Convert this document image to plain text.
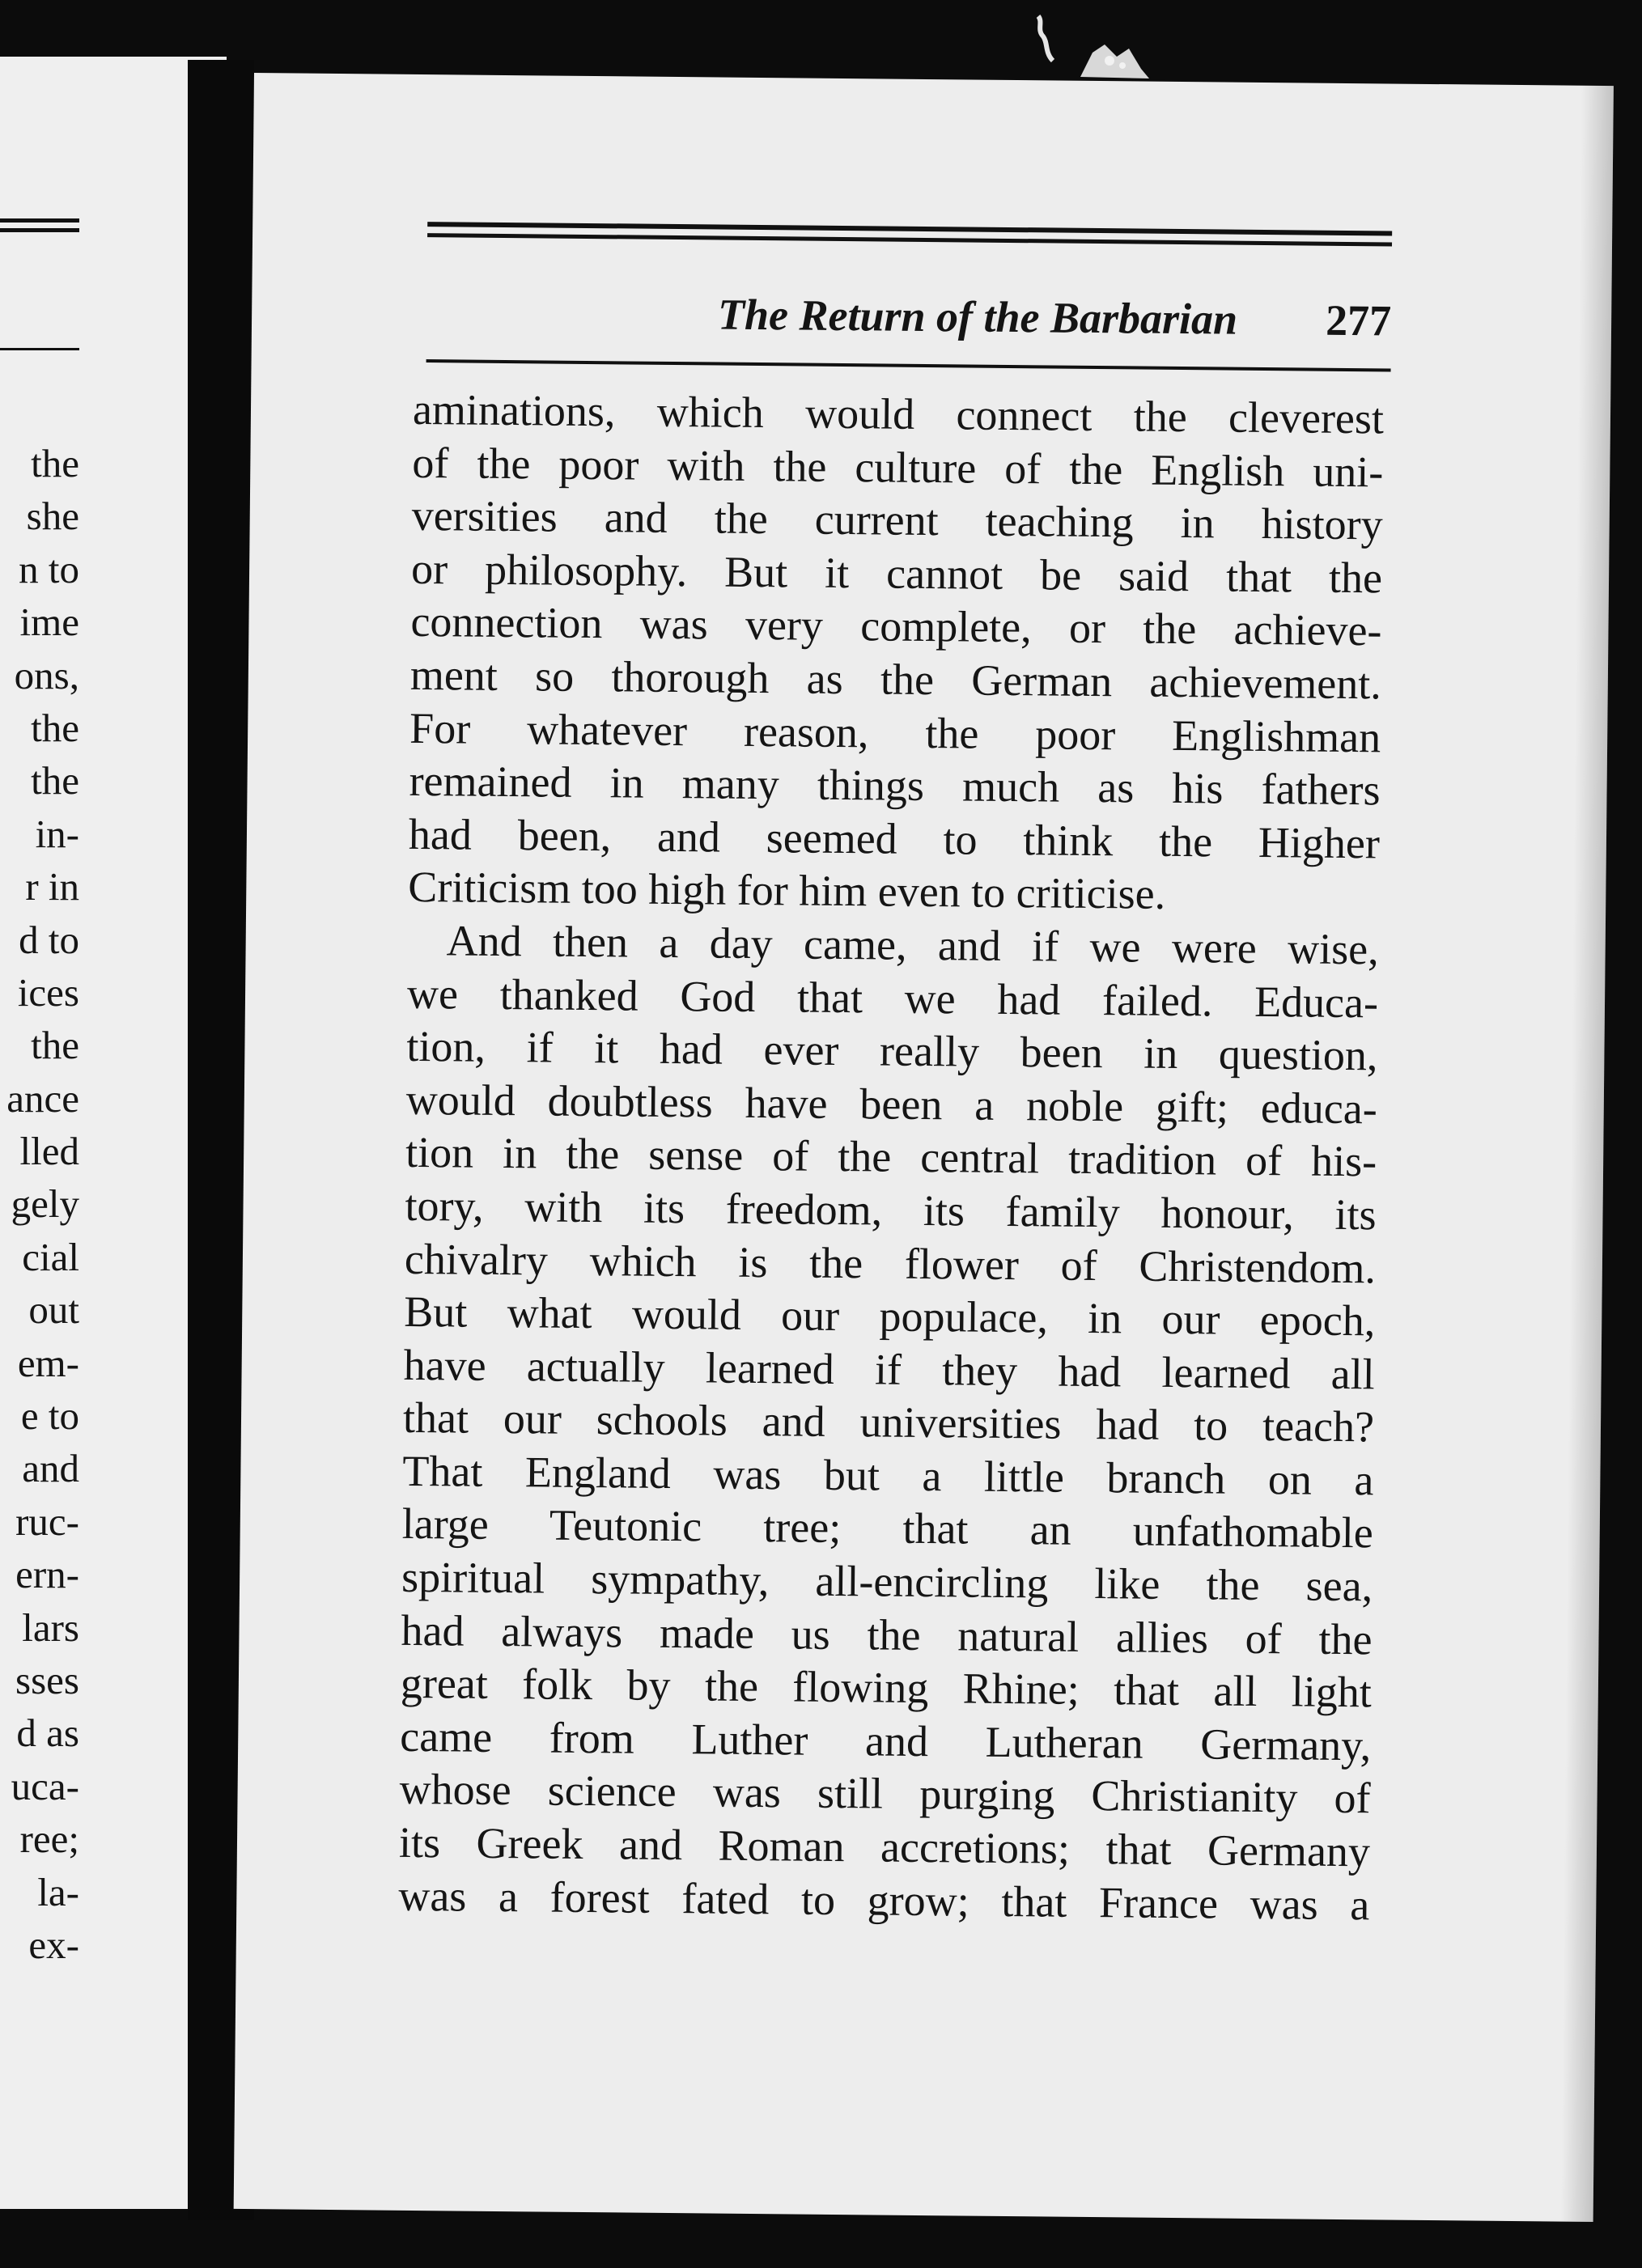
the
she
n to
ime
ons,
the
the
in-
r in
d to
ices
the
ance
lled
gely
cial
out
em-
e to
and
ruc-
ern-
lars
sses
d as
uca-
ree;
la-
ex-
The Return of the Barbarian 277
aminations, which would connect the cleverest
of the poor with the culture of the English uni-
versities and the current teaching in history
or philosophy. But it cannot be said that the
connection was very complete, or the achieve-
ment so thorough as the German achievement.
For whatever reason, the poor Englishman
remained in many things much as his fathers
had been, and seemed to think the Higher
Criticism too high for him even to criticise.
And then a day came, and if we were wise,
we thanked God that we had failed. Educa-
tion, if it had ever really been in question,
would doubtless have been a noble gift; educa-
tion in the sense of the central tradition of his-
tory, with its freedom, its family honour, its
chivalry which is the flower of Christendom.
But what would our populace, in our epoch,
have actually learned if they had learned all
that our schools and universities had to teach?
That England was but a little branch on a
large Teutonic tree; that an unfathomable
spiritual sympathy, all-encircling like the sea,
had always made us the natural allies of the
great folk by the flowing Rhine; that all light
came from Luther and Lutheran Germany,
whose science was still purging Christianity of
its Greek and Roman accretions; that Germany
was a forest fated to grow; that France was a
